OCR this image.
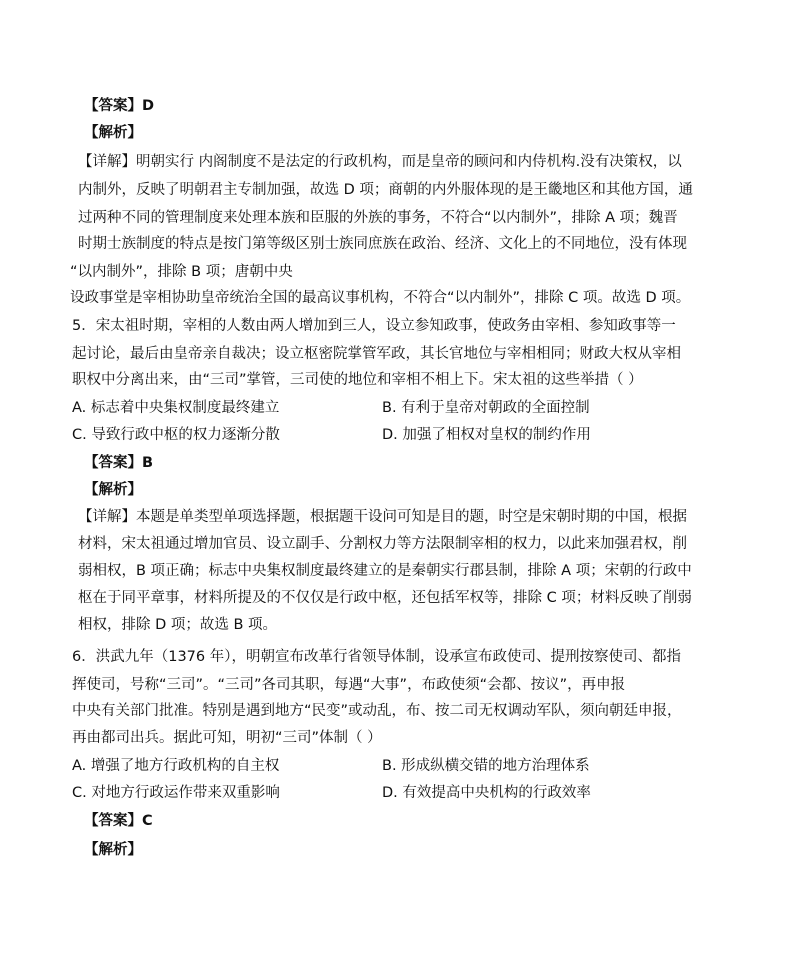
【答案】D
【解析】
【详解】明朝实行 内阁制度不是法定的行政机构，而是皇帝的顾问和内侍机构.没有决策权，以
内制外，反映了明朝君主专制加强，故选 D 项；商朝的内外服体现的是王畿地区和其他方国，通
过两种不同的管理制度来处理本族和臣服的外族的事务，不符合“以内制外”，排除 A 项；魏晋
时期士族制度的特点是按门第等级区别士族同庶族在政治、经济、文化上的不同地位，没有体现
“以内制外”，排除 B 项；唐朝中央
设政事堂是宰相协助皇帝统治全国的最高议事机构，不符合“以内制外”，排除 C 项。故选 D 项。
5．宋太祖时期，宰相的人数由两人增加到三人，设立参知政事，使政务由宰相、参知政事等一
起讨论，最后由皇帝亲自裁决；设立枢密院掌管军政，其长官地位与宰相相同；财政大权从宰相
职权中分离出来，由“三司”掌管，三司使的地位和宰相不相上下。宋太祖的这些举措（ ）
A. 标志着中央集权制度最终建立	B. 有利于皇帝对朝政的全面控制
C. 导致行政中枢的权力逐渐分散	D. 加强了相权对皇权的制约作用
【答案】B
【解析】
【详解】本题是单类型单项选择题，根据题干设问可知是目的题，时空是宋朝时期的中国，根据
材料，宋太祖通过增加官员、设立副手、分割权力等方法限制宰相的权力，以此来加强君权，削
弱相权，B 项正确；标志中央集权制度最终建立的是秦朝实行郡县制，排除 A 项；宋朝的行政中
枢在于同平章事，材料所提及的不仅仅是行政中枢，还包括军权等，排除 C 项；材料反映了削弱
相权，排除 D 项；故选 B 项。
6．洪武九年（1376 年），明朝宣布改革行省领导体制，设承宣布政使司、提刑按察使司、都指
挥使司，号称“三司”。“三司”各司其职，每遇“大事”，布政使须“会都、按议”，再申报
中央有关部门批准。特别是遇到地方“民变”或动乱，布、按二司无权调动军队，须向朝廷申报，
再由都司出兵。据此可知，明初“三司”体制（ ）
A. 增强了地方行政机构的自主权	B. 形成纵横交错的地方治理体系
C. 对地方行政运作带来双重影响	D. 有效提高中央机构的行政效率
【答案】C
【解析】
